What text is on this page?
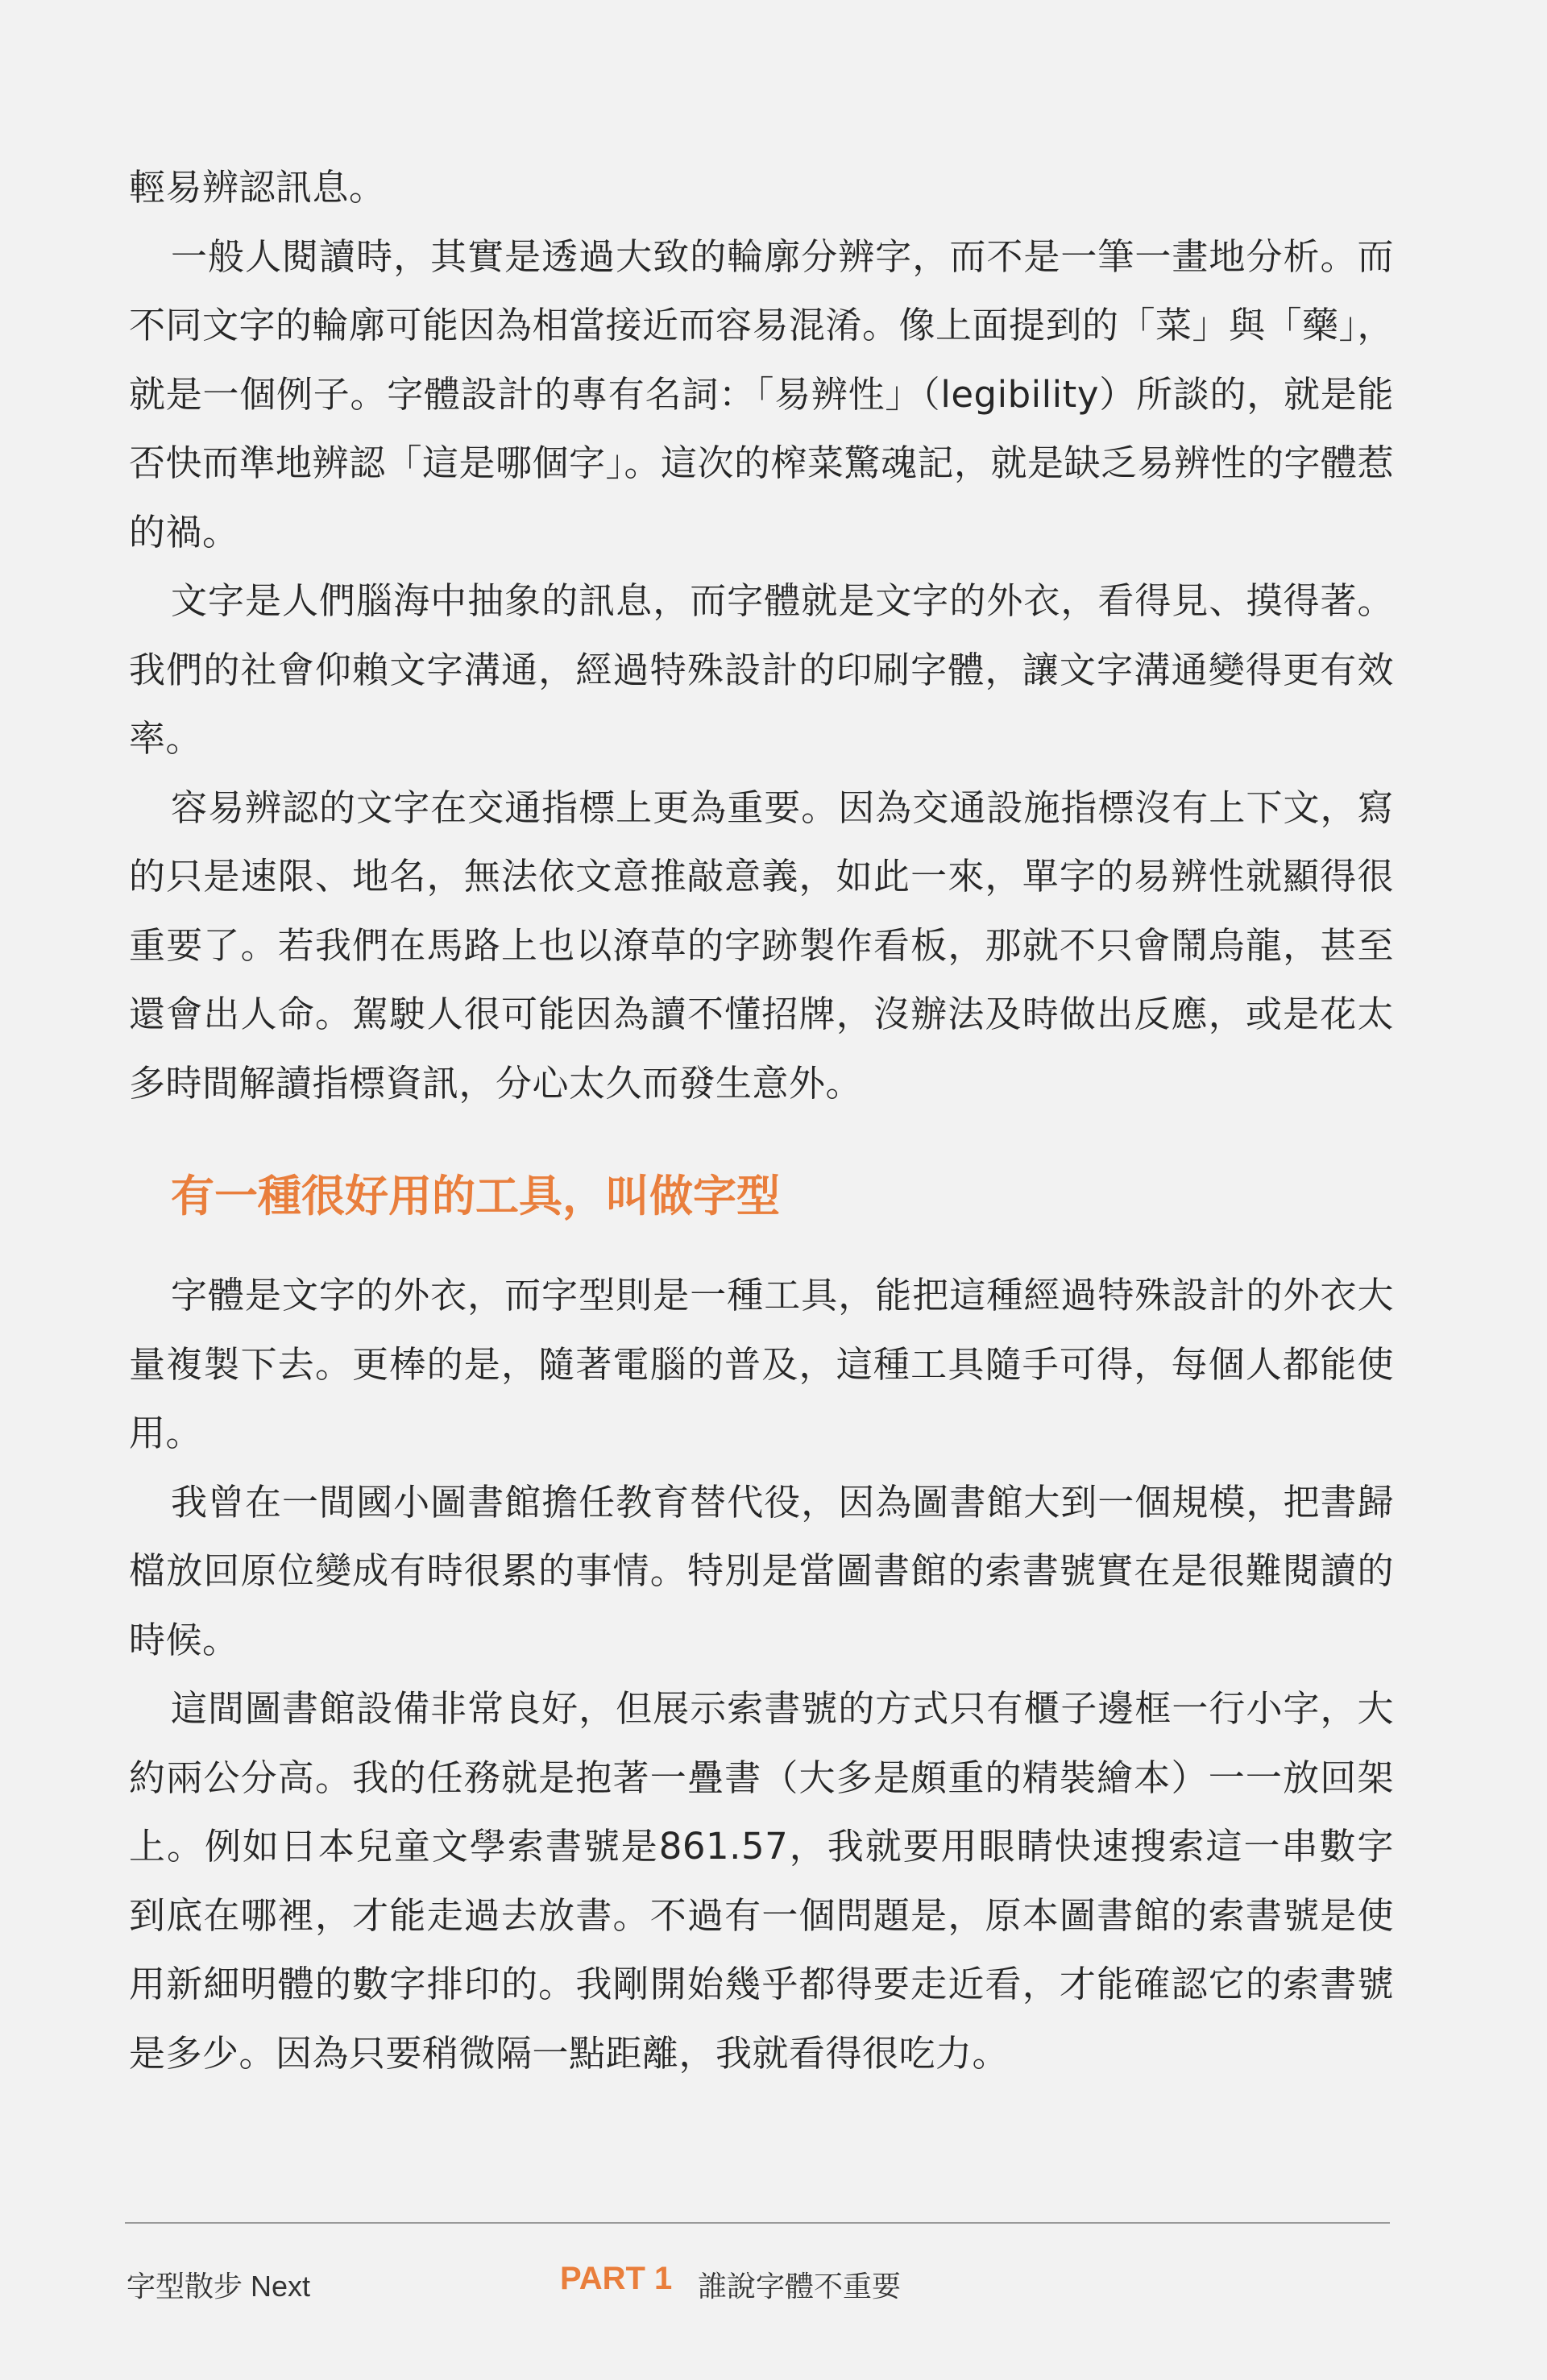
輕易辨認訊息。

一般人閱讀時，其實是透過大致的輪廓分辨字，而不是一筆一畫地分析。而不同文字的輪廓可能因為相當接近而容易混淆。像上面提到的「菜」與「藥」，就是一個例子。字體設計的專有名詞：「易辨性」（legibility）所談的，就是能否快而準地辨認「這是哪個字」。這次的榨菜驚魂記，就是缺乏易辨性的字體惹的禍。

文字是人們腦海中抽象的訊息，而字體就是文字的外衣，看得見、摸得著。我們的社會仰賴文字溝通，經過特殊設計的印刷字體，讓文字溝通變得更有效率。

容易辨認的文字在交通指標上更為重要。因為交通設施指標沒有上下文，寫的只是速限、地名，無法依文意推敲意義，如此一來，單字的易辨性就顯得很重要了。若我們在馬路上也以潦草的字跡製作看板，那就不只會鬧烏龍，甚至還會出人命。駕駛人很可能因為讀不懂招牌，沒辦法及時做出反應，或是花太多時間解讀指標資訊，分心太久而發生意外。

有一種很好用的工具，叫做字型

字體是文字的外衣，而字型則是一種工具，能把這種經過特殊設計的外衣大量複製下去。更棒的是，隨著電腦的普及，這種工具隨手可得，每個人都能使用。

我曾在一間國小圖書館擔任教育替代役，因為圖書館大到一個規模，把書歸檔放回原位變成有時很累的事情。特別是當圖書館的索書號實在是很難閱讀的時候。

這間圖書館設備非常良好，但展示索書號的方式只有櫃子邊框一行小字，大約兩公分高。我的任務就是抱著一疊書（大多是頗重的精裝繪本）一一放回架上。例如日本兒童文學索書號是861.57，我就要用眼睛快速搜索這一串數字到底在哪裡，才能走過去放書。不過有一個問題是，原本圖書館的索書號是使用新細明體的數字排印的。我剛開始幾乎都得要走近看，才能確認它的索書號是多少。因為只要稍微隔一點距離，我就看得很吃力。

字型散步 Next	PART 1 誰說字體不重要
